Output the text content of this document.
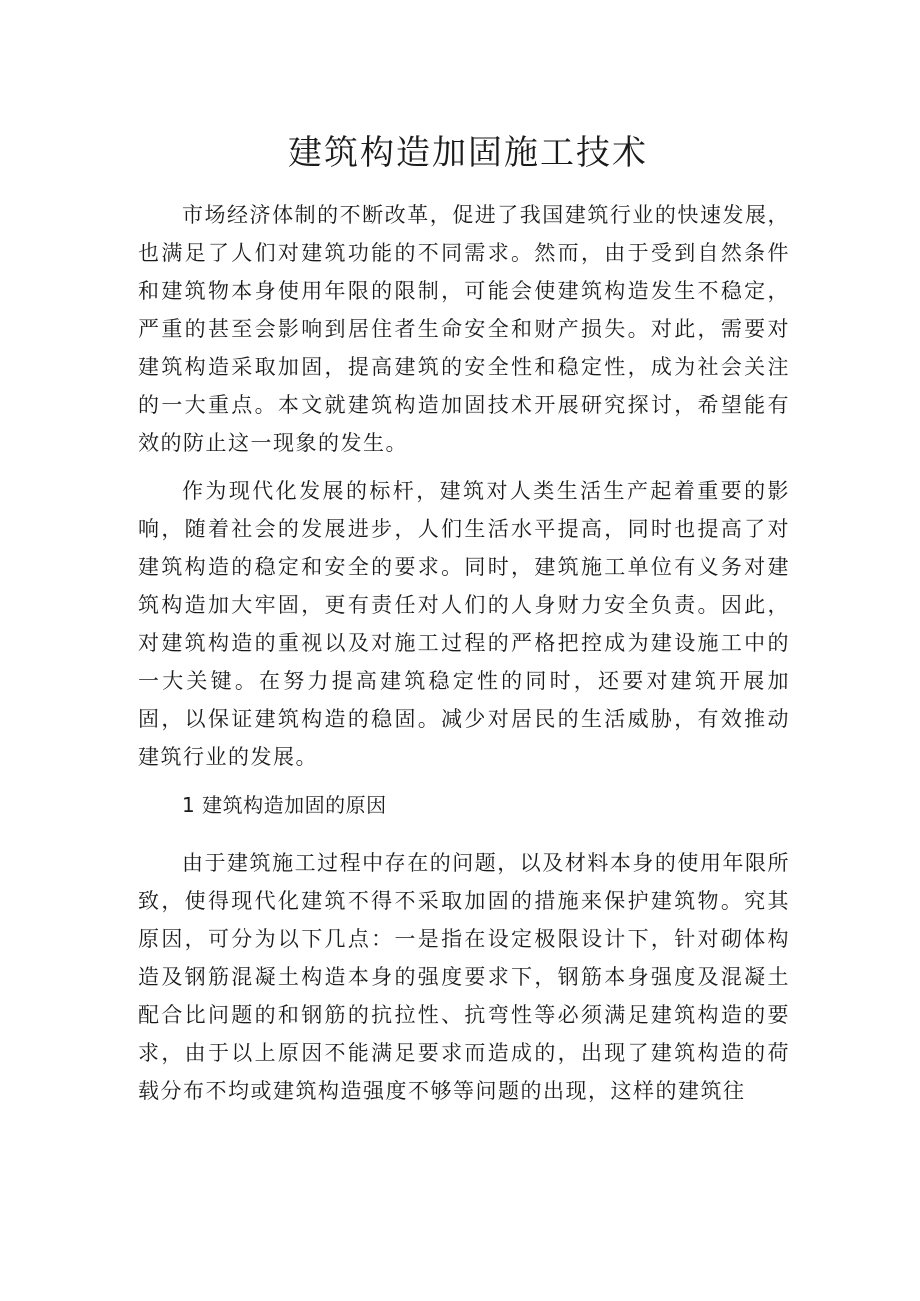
建筑构造加固施工技术

市场经济体制的不断改革，促进了我国建筑行业的快速发展，也满足了人们对建筑功能的不同需求。然而，由于受到自然条件和建筑物本身使用年限的限制，可能会使建筑构造发生不稳定，严重的甚至会影响到居住者生命安全和财产损失。对此，需要对建筑构造采取加固，提高建筑的安全性和稳定性，成为社会关注的一大重点。本文就建筑构造加固技术开展研究探讨，希望能有效的防止这一现象的发生。

作为现代化发展的标杆，建筑对人类生活生产起着重要的影响，随着社会的发展进步，人们生活水平提高，同时也提高了对建筑构造的稳定和安全的要求。同时，建筑施工单位有义务对建筑构造加大牢固，更有责任对人们的人身财力安全负责。因此，对建筑构造的重视以及对施工过程的严格把控成为建设施工中的一大关键。在努力提高建筑稳定性的同时，还要对建筑开展加固，以保证建筑构造的稳固。减少对居民的生活威胁，有效推动建筑行业的发展。

1 建筑构造加固的原因

由于建筑施工过程中存在的问题，以及材料本身的使用年限所致，使得现代化建筑不得不采取加固的措施来保护建筑物。究其原因，可分为以下几点：一是指在设定极限设计下，针对砌体构造及钢筋混凝土构造本身的强度要求下，钢筋本身强度及混凝土配合比问题的和钢筋的抗拉性、抗弯性等必须满足建筑构造的要求，由于以上原因不能满足要求而造成的，出现了建筑构造的荷载分布不均或建筑构造强度不够等问题的出现，这样的建筑往
